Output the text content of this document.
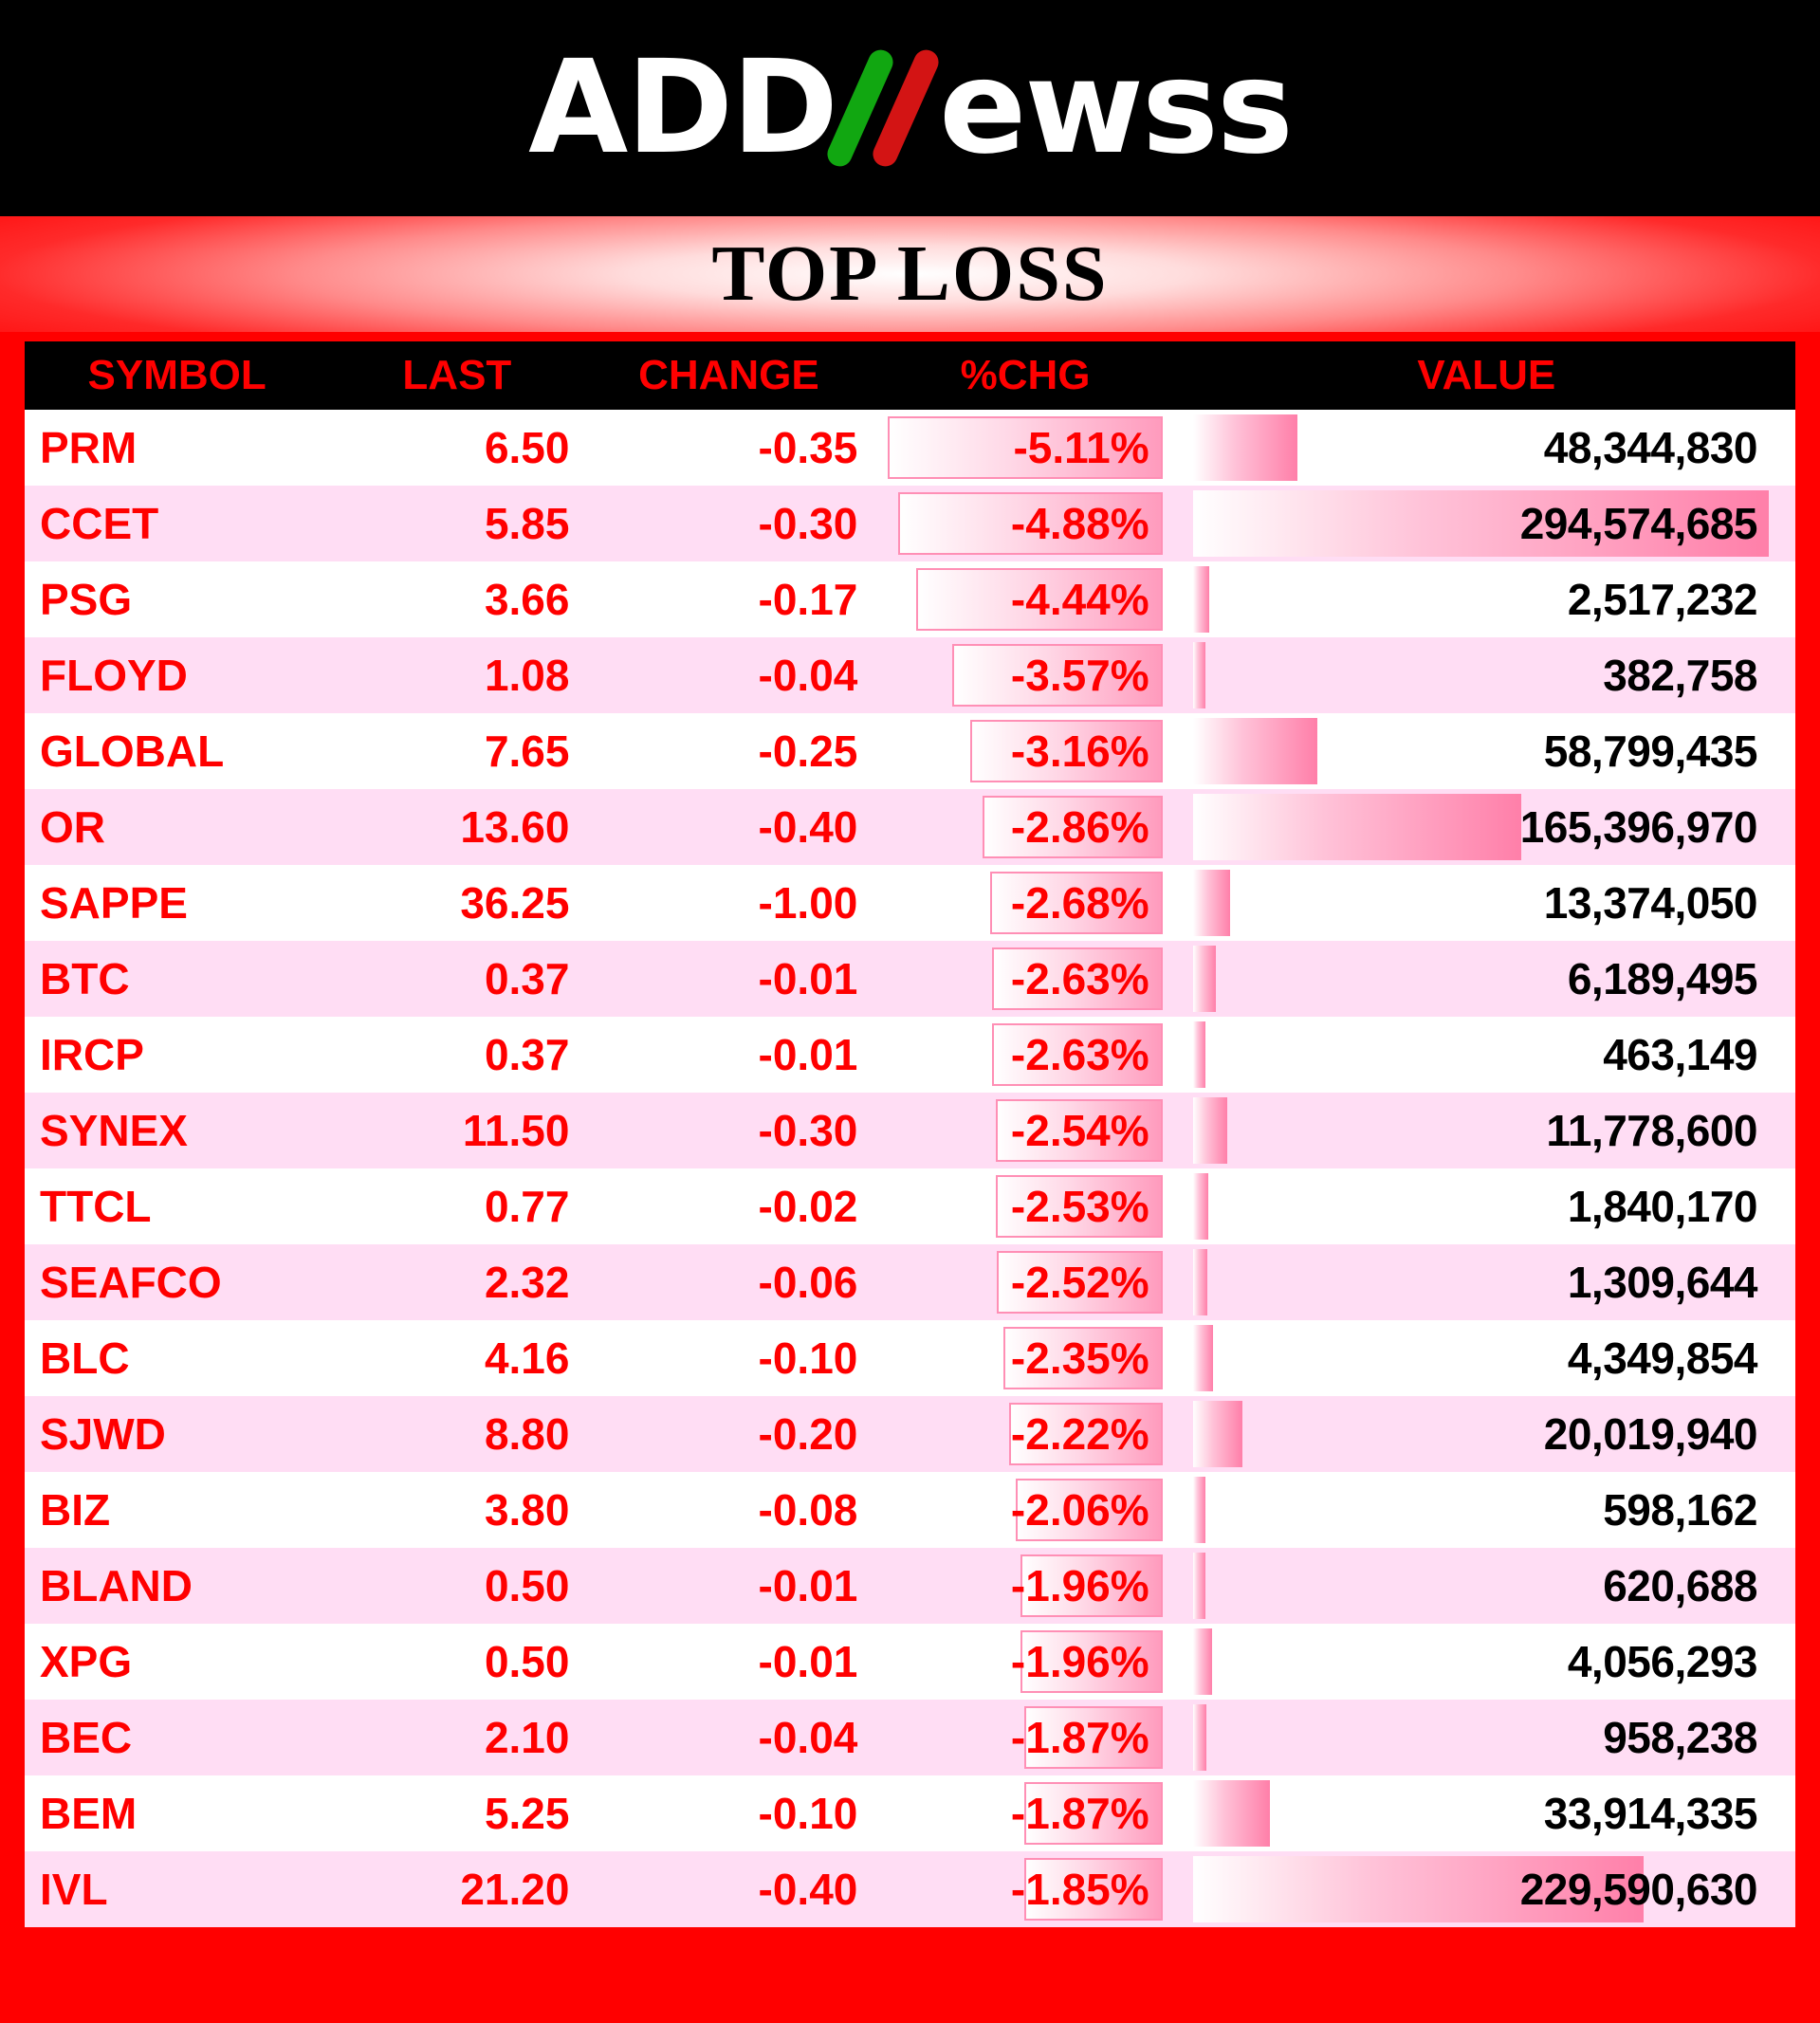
ADD ewss
TOP LOSS
SYMBOL	LAST	CHANGE	%CHG	VALUE
PRM	6.50	-0.35	-5.11%	48,344,830

CCET	5.85	-0.30	-4.88%	294,574,685

PSG	3.66	-0.17	-4.44%	2,517,232

FLOYD	1.08	-0.04	-3.57%	382,758

GLOBAL	7.65	-0.25	-3.16%	58,799,435

OR	13.60	-0.40	-2.86%	165,396,970

SAPPE	36.25	-1.00	-2.68%	13,374,050

BTC	0.37	-0.01	-2.63%	6,189,495

IRCP	0.37	-0.01	-2.63%	463,149

SYNEX	11.50	-0.30	-2.54%	11,778,600

TTCL	0.77	-0.02	-2.53%	1,840,170

SEAFCO	2.32	-0.06	-2.52%	1,309,644

BLC	4.16	-0.10	-2.35%	4,349,854

SJWD	8.80	-0.20	-2.22%	20,019,940

BIZ	3.80	-0.08	-2.06%	598,162

BLAND	0.50	-0.01	-1.96%	620,688

XPG	0.50	-0.01	-1.96%	4,056,293

BEC	2.10	-0.04	-1.87%	958,238

BEM	5.25	-0.10	-1.87%	33,914,335

IVL	21.20	-0.40	-1.85%	229,590,630
